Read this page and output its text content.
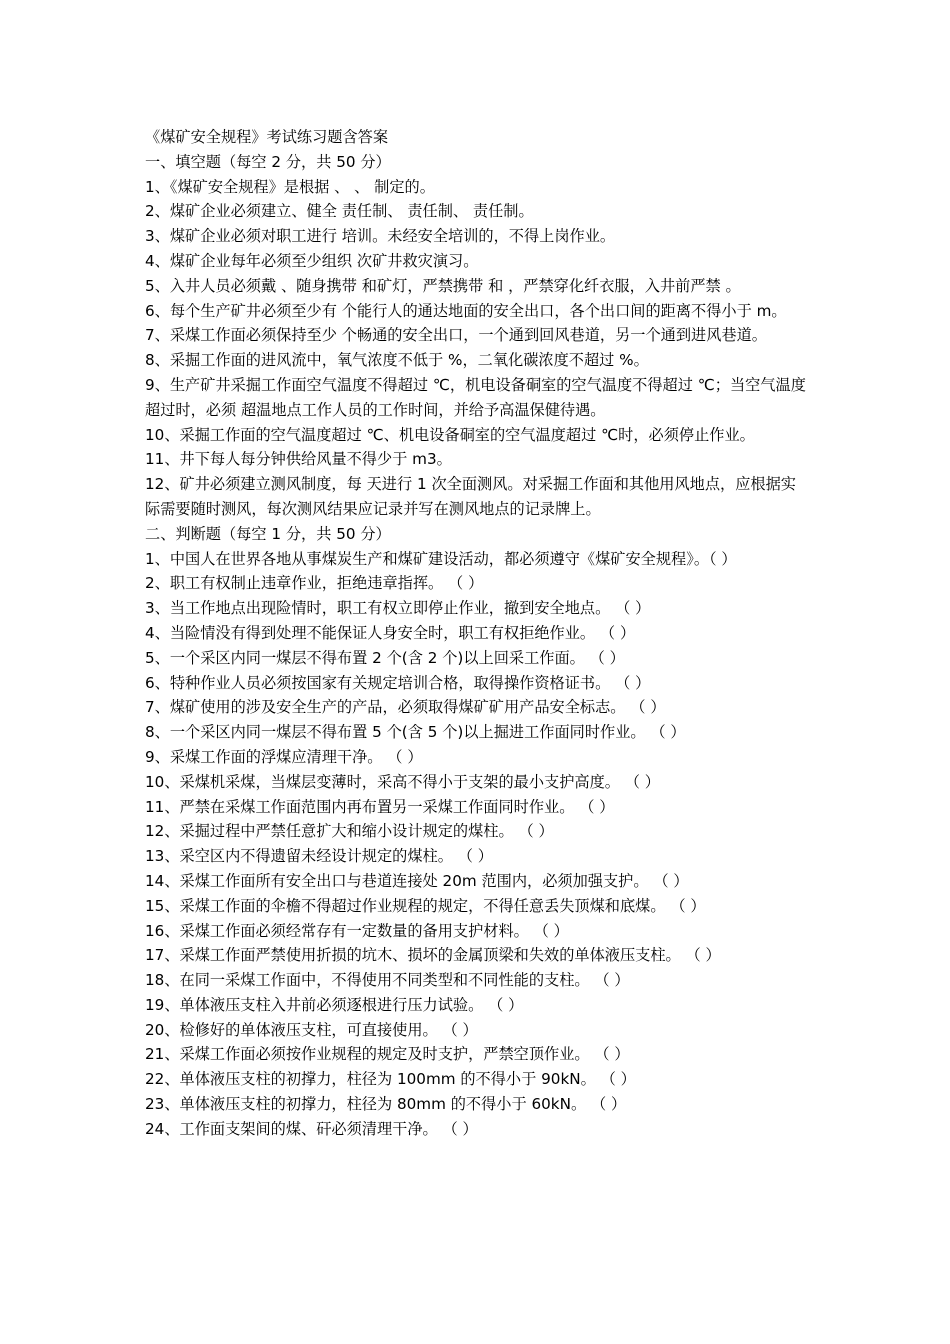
《煤矿安全规程》考试练习题含答案

一、填空题（每空 2 分，共 50 分）

1、《煤矿安全规程》是根据 、 、 制定的。

2、煤矿企业必须建立、健全 责任制、 责任制、 责任制。

3、煤矿企业必须对职工进行 培训。未经安全培训的，不得上岗作业。

4、煤矿企业每年必须至少组织 次矿井救灾演习。

5、入井人员必须戴 、随身携带 和矿灯，严禁携带 和 ，严禁穿化纤衣服，入井前严禁 。

6、每个生产矿井必须至少有 个能行人的通达地面的安全出口，各个出口间的距离不得小于 m。

7、采煤工作面必须保持至少 个畅通的安全出口，一个通到回风巷道，另一个通到进风巷道。

8、采掘工作面的进风流中，氧气浓度不低于 %，二氧化碳浓度不超过 %。

9、生产矿井采掘工作面空气温度不得超过 ℃，机电设备硐室的空气温度不得超过 ℃；当空气温度超过时，必须 超温地点工作人员的工作时间，并给予高温保健待遇。

10、采掘工作面的空气温度超过 ℃、机电设备硐室的空气温度超过 ℃时，必须停止作业。

11、井下每人每分钟供给风量不得少于 m3。

12、矿井必须建立测风制度，每 天进行 1 次全面测风。对采掘工作面和其他用风地点，应根据实际需要随时测风，每次测风结果应记录并写在测风地点的记录牌上。

二、判断题（每空 1 分，共 50 分）

1、中国人在世界各地从事煤炭生产和煤矿建设活动，都必须遵守《煤矿安全规程》。（ ）

2、职工有权制止违章作业，拒绝违章指挥。 （ ）

3、当工作地点出现险情时，职工有权立即停止作业，撤到安全地点。 （ ）

4、当险情没有得到处理不能保证人身安全时，职工有权拒绝作业。 （ ）

5、一个采区内同一煤层不得布置 2 个(含 2 个)以上回采工作面。 （ ）

6、特种作业人员必须按国家有关规定培训合格，取得操作资格证书。 （ ）

7、煤矿使用的涉及安全生产的产品，必须取得煤矿矿用产品安全标志。 （ ）

8、一个采区内同一煤层不得布置 5 个(含 5 个)以上掘进工作面同时作业。 （ ）

9、采煤工作面的浮煤应清理干净。 （ ）

10、采煤机采煤，当煤层变薄时，采高不得小于支架的最小支护高度。 （ ）

11、严禁在采煤工作面范围内再布置另一采煤工作面同时作业。 （ ）

12、采掘过程中严禁任意扩大和缩小设计规定的煤柱。 （ ）

13、采空区内不得遗留未经设计规定的煤柱。 （ ）

14、采煤工作面所有安全出口与巷道连接处 20m 范围内，必须加强支护。 （ ）

15、采煤工作面的伞檐不得超过作业规程的规定，不得任意丢失顶煤和底煤。 （ ）

16、采煤工作面必须经常存有一定数量的备用支护材料。 （ ）

17、采煤工作面严禁使用折损的坑木、损坏的金属顶梁和失效的单体液压支柱。 （ ）

18、在同一采煤工作面中，不得使用不同类型和不同性能的支柱。 （ ）

19、单体液压支柱入井前必须逐根进行压力试验。 （ ）

20、检修好的单体液压支柱，可直接使用。 （ ）

21、采煤工作面必须按作业规程的规定及时支护，严禁空顶作业。 （ ）

22、单体液压支柱的初撑力，柱径为 100mm 的不得小于 90kN。 （ ）

23、单体液压支柱的初撑力，柱径为 80mm 的不得小于 60kN。 （ ）

24、工作面支架间的煤、矸必须清理干净。 （ ）
